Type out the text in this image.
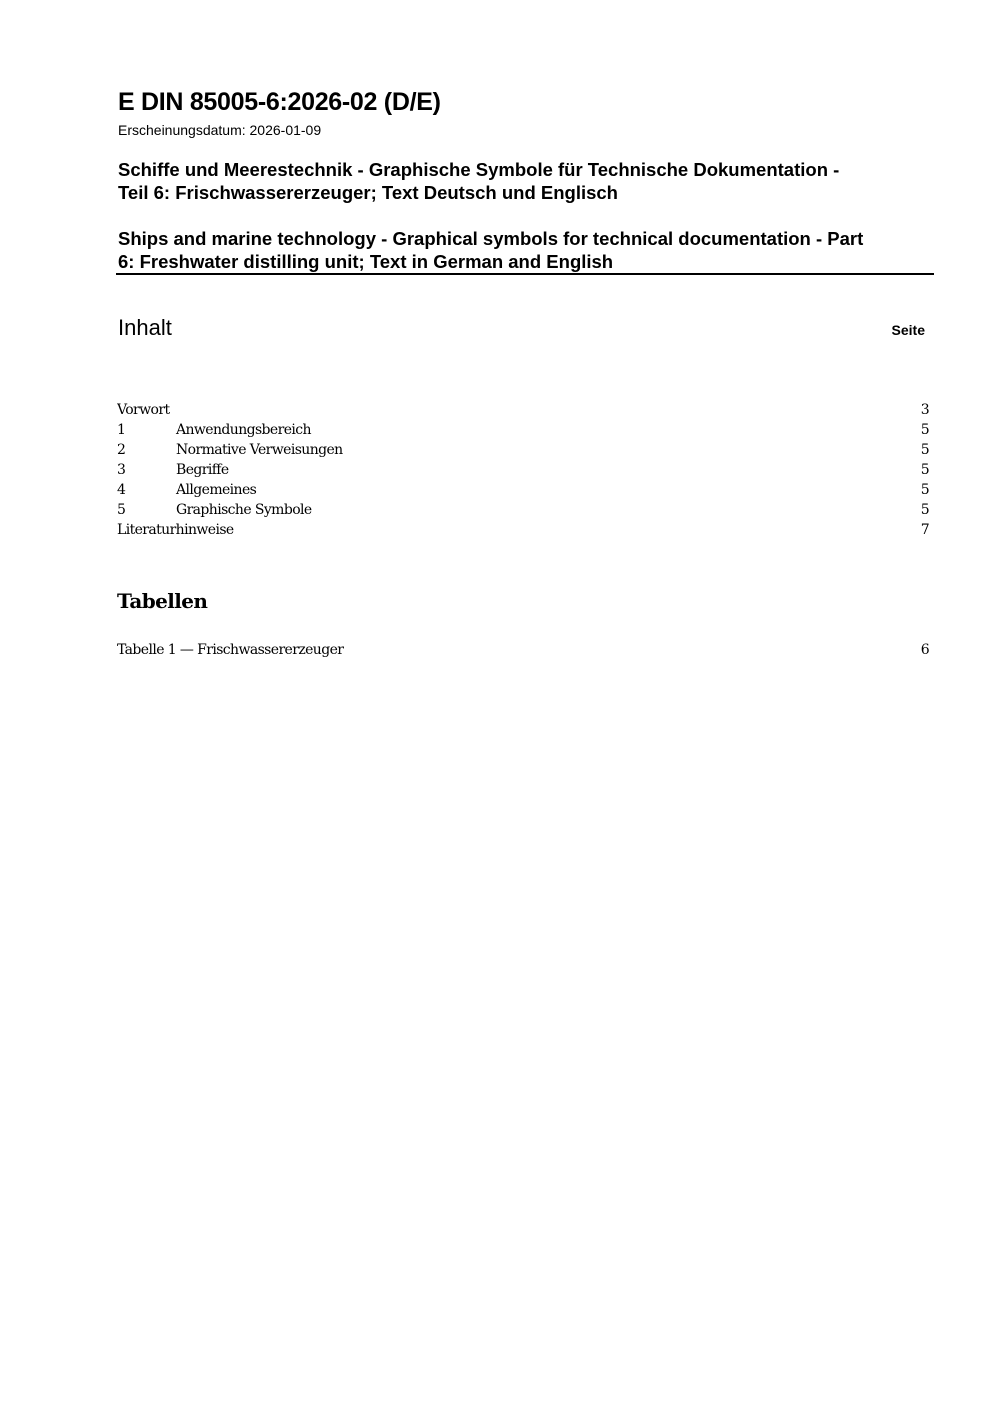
E DIN 85005-6:2026-02 (D/E)
Erscheinungsdatum: 2026-01-09
Schiffe und Meerestechnik - Graphische Symbole für Technische Dokumentation -
Teil 6: Frischwassererzeuger; Text Deutsch und Englisch
Ships and marine technology - Graphical symbols for technical documentation - Part
6: Freshwater distilling unit; Text in German and English
Inhalt	Seite
Vorwort	3
1	Anwendungsbereich	5
2	Normative Verweisungen	5
3	Begriffe	5
4	Allgemeines	5
5	Graphische Symbole	5
Literaturhinweise	7
Tabellen
Tabelle 1 — Frischwassererzeuger	6
